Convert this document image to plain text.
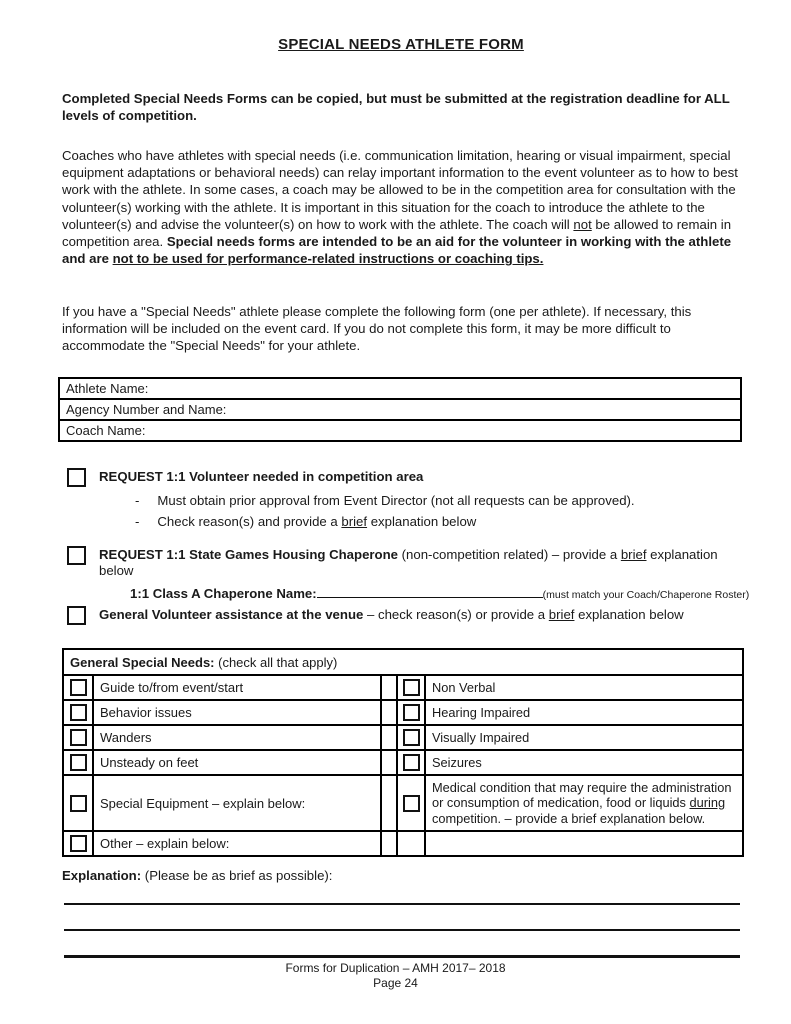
SPECIAL NEEDS ATHLETE FORM
Completed Special Needs Forms can be copied, but must be submitted at the registration deadline for ALL levels of competition.
Coaches who have athletes with special needs (i.e. communication limitation, hearing or visual impairment, special equipment adaptations or behavioral needs) can relay important information to the event volunteer as to how to best work with the athlete. In some cases, a coach may be allowed to be in the competition area for consultation with the volunteer(s) working with the athlete. It is important in this situation for the coach to introduce the athlete to the volunteer(s) and advise the volunteer(s) on how to work with the athlete. The coach will not be allowed to remain in competition area. Special needs forms are intended to be an aid for the volunteer in working with the athlete and are not to be used for performance-related instructions or coaching tips.
If you have a "Special Needs" athlete please complete the following form (one per athlete). If necessary, this information will be included on the event card. If you do not complete this form, it may be more difficult to accommodate the "Special Needs" for your athlete.
Athlete Name:
Agency Number and Name:
Coach Name:
REQUEST 1:1 Volunteer needed in competition area
- Must obtain prior approval from Event Director (not all requests can be approved).
- Check reason(s) and provide a brief explanation below
REQUEST 1:1 State Games Housing Chaperone (non-competition related) – provide a brief explanation below
1:1 Class A Chaperone Name:	(must match your Coach/Chaperone Roster)
General Volunteer assistance at the venue – check reason(s) or provide a brief explanation below
General Special Needs: (check all that apply)				

	Guide to/from event/start			Non Verbal

	Behavior issues			Hearing Impaired

	Wanders			Visually Impaired

	Unsteady on feet			Seizures

	Special Equipment – explain below:			Medical condition that may require the administration or consumption of medication, food or liquids during competition. – provide a brief explanation below.

	Other – explain below:			
Explanation: (Please be as brief as possible):
Forms for Duplication – AMH 2017– 2018
Page 24
